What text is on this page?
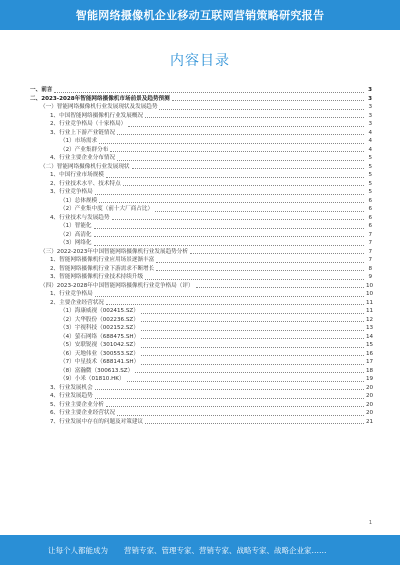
智能网络摄像机企业移动互联网营销策略研究报告
内容目录
一、前言	3
二、2023-2028年智能网络摄像机市场前景及趋势预测	3
（一）智能网络摄像机行业发展现状及发展趋势	3
1、中国智能网络摄像机行业发展概况	3
2、行业竞争格局（十家格局）	3
3、行业上下游产业链情况	4
（1）市场需求	4
（2）产业集群分布	4
4、行业主要企业分布情况	5
（二）智能网络摄像机行业发展现状	5
1、中国行业市场规模	5
2、行业技术水平、技术特点	5
3、行业竞争格局	5
（1）总体规模	6
（2）产业集中度（前十大厂商占比）	6
4、行业技术与发展趋势	6
（1）智能化	6
（2）高清化	7
（3）网络化	7
（三）2022-2023年中国智能网络摄像机行业发展趋势分析	7
1、智能网络摄像机行业应用场景逐渐丰富	7
2、智能网络摄像机行业下游需求不断增长	8
3、智能网络摄像机行业技术持续升级	9
（四）2023-2028年中国智能网络摄像机行业竞争格局（评）	10
1、行业竞争格局	10
2、主要企业经营状况	11
（1）海康威视（002415.SZ）	11
（2）大华股份（002236.SZ）	12
（3）宇视科技（002152.SZ）	13
（4）萤石网络（688475.SH）	14
（5）安联锐视（301042.SZ）	15
（6）天地伟业（300553.SZ）	16
（7）中星技术（688141.SH）	17
（8）富瀚微（300613.SZ）	18
（9）小米（01810.HK）	19
3、行业发展机会	20
4、行业发展趋势	20
5、行业主要企业分析	20
6、行业主要企业经营状况	20
7、行业发展中存在的问题及对策建议	21
1
让每个人都能成为 营销专家、管理专家、营销专家、战略专家、战略企业家……
